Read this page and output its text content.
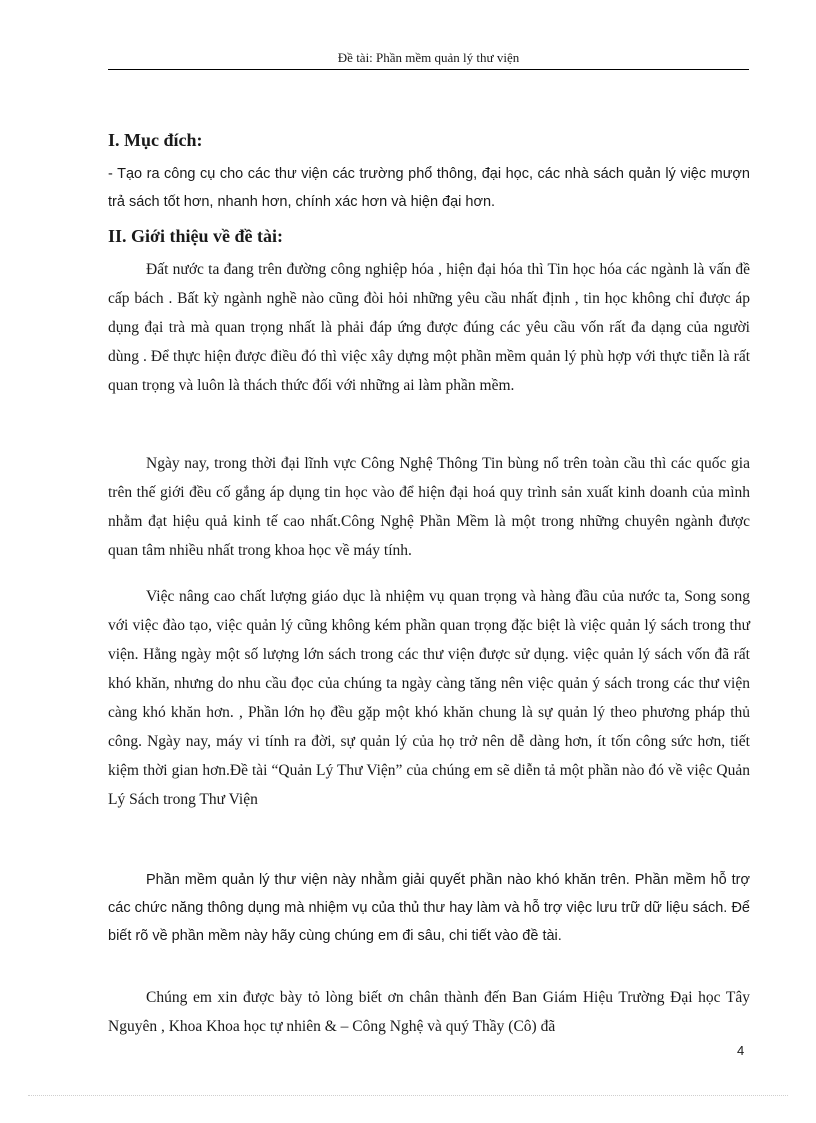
Đề tài: Phần mềm quản lý thư viện
I. Mục đích:
- Tạo ra công cụ cho các thư viện các trường phổ thông, đại học, các nhà sách quản lý việc mượn trả sách tốt hơn, nhanh hơn, chính xác hơn và hiện đại hơn.
II. Giới thiệu về đề tài:
Đất nước ta đang trên đường công nghiệp hóa , hiện đại hóa thì Tin học hóa các ngành là vấn đề cấp bách . Bất kỳ ngành nghề nào cũng đòi hỏi những yêu cầu nhất định , tin học không chỉ được áp dụng đại trà mà quan trọng nhất là phải đáp ứng được đúng các yêu cầu vốn rất đa dạng của người dùng . Để thực hiện được điều đó thì việc xây dựng một phần mềm quản lý phù hợp với thực tiễn là rất quan trọng và luôn là thách thức đối với những ai làm phần mềm.
Ngày nay, trong thời đại lĩnh vực Công Nghệ Thông Tin bùng nổ trên toàn cầu thì các quốc gia trên thế giới đều cố gắng áp dụng tin học vào để hiện đại hoá quy trình sản xuất kinh doanh của mình nhằm đạt hiệu quả kinh tế cao nhất.Công Nghệ Phần Mềm là một trong những chuyên ngành được quan tâm nhiều nhất trong khoa học về máy tính.
Việc nâng cao chất lượng giáo dục là nhiệm vụ quan trọng và hàng đầu của nước ta, Song song với việc đào tạo, việc quản lý cũng không kém phần quan trọng đặc biệt là việc quản lý sách trong thư viện. Hằng ngày một số lượng lớn sách trong các thư viện được sử dụng. việc quản lý sách vốn đã rất khó khăn, nhưng do nhu cầu đọc của chúng ta ngày càng tăng nên việc quản ý sách trong các thư viện càng khó khăn hơn. , Phần lớn họ đều gặp một khó khăn chung là sự quản lý theo phương pháp thủ công. Ngày nay, máy vi tính ra đời, sự quản lý của họ trở nên dễ dàng hơn, ít tốn công sức hơn, tiết kiệm thời gian hơn.Đề tài “Quản Lý Thư Viện” của chúng em sẽ diễn tả một phần nào đó về việc Quản Lý Sách trong Thư Viện
Phần mềm quản lý thư viện này nhằm giải quyết phần nào khó khăn trên. Phần mềm hỗ trợ các chức năng thông dụng mà nhiệm vụ của thủ thư hay làm và hỗ trợ việc lưu trữ dữ liệu sách. Để biết rõ về phần mềm này hãy cùng chúng em đi sâu, chi tiết vào đề tài.
Chúng em xin được bày tỏ lòng biết ơn chân thành đến Ban Giám Hiệu Trường Đại học Tây Nguyên , Khoa Khoa học tự nhiên & – Công Nghệ và quý Thầy (Cô) đã
4
